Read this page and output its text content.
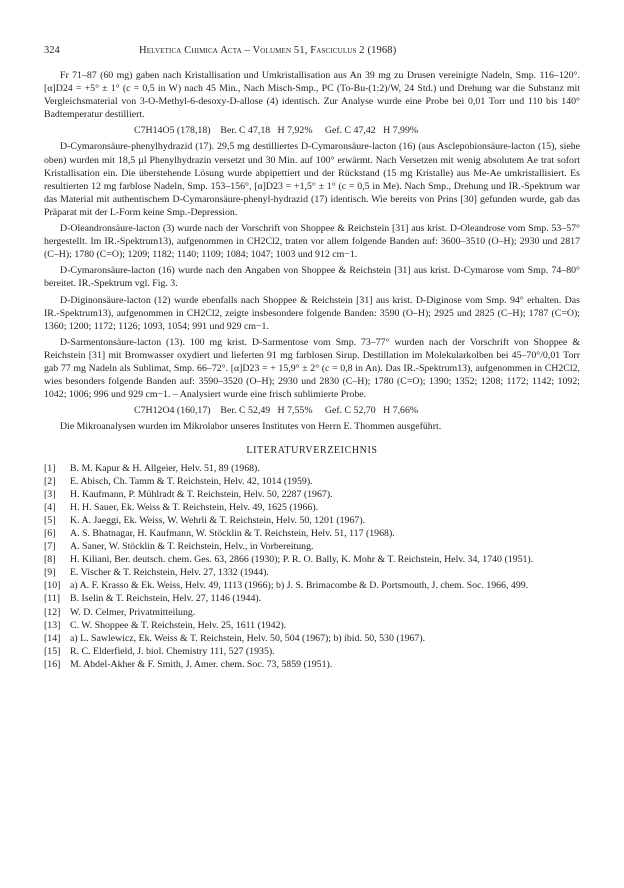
324	Helvetica Chimica Acta – Volumen 51, Fasciculus 2 (1968)

Fr 71–87 (60 mg) gaben nach Kristallisation und Umkristallisation aus An 39 mg zu Drusen vereinigte Nadeln, Smp. 116–120°. [α]D24 = +5° ± 1° (c = 0,5 in W) nach 45 Min., Nach Misch-Smp., PC (To-Bu-(1:2)/W, 24 Std.) und Drehung war die Substanz mit Vergleichsmaterial von 3-O-Methyl-6-desoxy-D-allose (4) identisch. Zur Analyse wurde eine Probe bei 0,01 Torr und 110 bis 140° Badtemperatur destilliert.

C7H14O5 (178,18)    Ber. C 47,18   H 7,92%     Gef. C 47,42   H 7,99%

D-Cymaronsäure-phenylhydrazid (17). 29,5 mg destilliertes D-Cymaronsäure-lacton (16) (aus Asclepobionsäure-lacton (15), siehe oben) wurden mit 18,5 µl Phenylhydrazin versetzt und 30 Min. auf 100° erwärmt. Nach Versetzen mit wenig absolutem Ae trat sofort Kristallisation ein. Die überstehende Lösung wurde abpipettiert und der Rückstand (15 mg Kristalle) aus Me-Ae umkristallisiert. Es resultierten 12 mg farblose Nadeln, Smp. 153–156°, [α]D23 = +1,5° ± 1° (c = 0,5 in Me). Nach Smp., Drehung und IR.-Spektrum war das Material mit authentischem D-Cymaronsäure-phenyl-hydrazid (17) identisch. Wie bereits von Prins [30] gefunden wurde, gab das Präparat mit der L-Form keine Smp.-Depression.

D-Oleandronsäure-lacton (3) wurde nach der Vorschrift von Shoppee & Reichstein [31] aus krist. D-Oleandrose vom Smp. 53–57° hergestellt. Im IR.-Spektrum13), aufgenommen in CH2Cl2, traten vor allem folgende Banden auf: 3600–3510 (O–H); 2930 und 2817 (C–H); 1780 (C=O); 1209; 1182; 1140; 1109; 1084; 1047; 1003 und 912 cm−1.

D-Cymaronsäure-lacton (16) wurde nach den Angaben von Shoppee & Reichstein [31] aus krist. D-Cymarose vom Smp. 74–80° bereitet. IR.-Spektrum vgl. Fig. 3.

D-Diginonsäure-lacton (12) wurde ebenfalls nach Shoppee & Reichstein [31] aus krist. D-Diginose vom Smp. 94° erhalten. Das IR.-Spektrum13), aufgenommen in CH2Cl2, zeigte insbesondere folgende Banden: 3590 (O–H); 2925 und 2825 (C–H); 1787 (C=O); 1360; 1200; 1172; 1126; 1093, 1054; 991 und 929 cm−1.

D-Sarmentonsäure-lacton (13). 100 mg krist. D-Sarmentose vom Smp. 73–77° wurden nach der Vorschrift von Shoppee & Reichstein [31] mit Bromwasser oxydiert und lieferten 91 mg farblosen Sirup. Destillation im Molekularkolben bei 45–70°/0,01 Torr gab 77 mg Nadeln als Sublimat, Smp. 66–72°. [α]D23 = + 15,9° ± 2° (c = 0,8 in An). Das IR.-Spektrum13), aufgenommen in CH2Cl2, wies besonders folgende Banden auf: 3590–3520 (O–H); 2930 und 2830 (C–H); 1780 (C=O); 1390; 1352; 1208; 1172; 1142; 1092; 1042; 1006; 996 und 929 cm−1. – Analysiert wurde eine frisch sublimierte Probe.

C7H12O4 (160,17)    Ber. C 52,49   H 7,55%     Gef. C 52,70   H 7,66%

Die Mikroanalysen wurden im Mikrolabor unseres Institutes von Herrn E. Thommen ausgeführt.

LITERATURVERZEICHNIS
[1] B. M. Kapur & H. Allgeier, Helv. 51, 89 (1968).
[2] E. Abisch, Ch. Tamm & T. Reichstein, Helv. 42, 1014 (1959).
[3] H. Kaufmann, P. Mühlradt & T. Reichstein, Helv. 50, 2287 (1967).
[4] H. H. Sauer, Ek. Weiss & T. Reichstein, Helv. 49, 1625 (1966).
[5] K. A. Jaeggi, Ek. Weiss, W. Wehrli & T. Reichstein, Helv. 50, 1201 (1967).
[6] A. S. Bhatnagar, H. Kaufmann, W. Stöcklin & T. Reichstein, Helv. 51, 117 (1968).
[7] A. Saner, W. Stöcklin & T. Reichstein, Helv., in Vorbereitung.
[8] H. Kiliani, Ber. deutsch. chem. Ges. 63, 2866 (1930); P. R. O. Bally, K. Mohr & T. Reichstein, Helv. 34, 1740 (1951).
[9] E. Vischer & T. Reichstein, Helv. 27, 1332 (1944).
[10] a) A. F. Krasso & Ek. Weiss, Helv. 49, 1113 (1966); b) J. S. Brimacombe & D. Portsmouth, J. chem. Soc. 1966, 499.
[11] B. Iselin & T. Reichstein, Helv. 27, 1146 (1944).
[12] W. D. Celmer, Privatmitteilung.
[13] C. W. Shoppee & T. Reichstein, Helv. 25, 1611 (1942).
[14] a) L. Sawlewicz, Ek. Weiss & T. Reichstein, Helv. 50, 504 (1967); b) ibid. 50, 530 (1967).
[15] R. C. Elderfield, J. biol. Chemistry 111, 527 (1935).
[16] M. Abdel-Akher & F. Smith, J. Amer. chem. Soc. 73, 5859 (1951).
